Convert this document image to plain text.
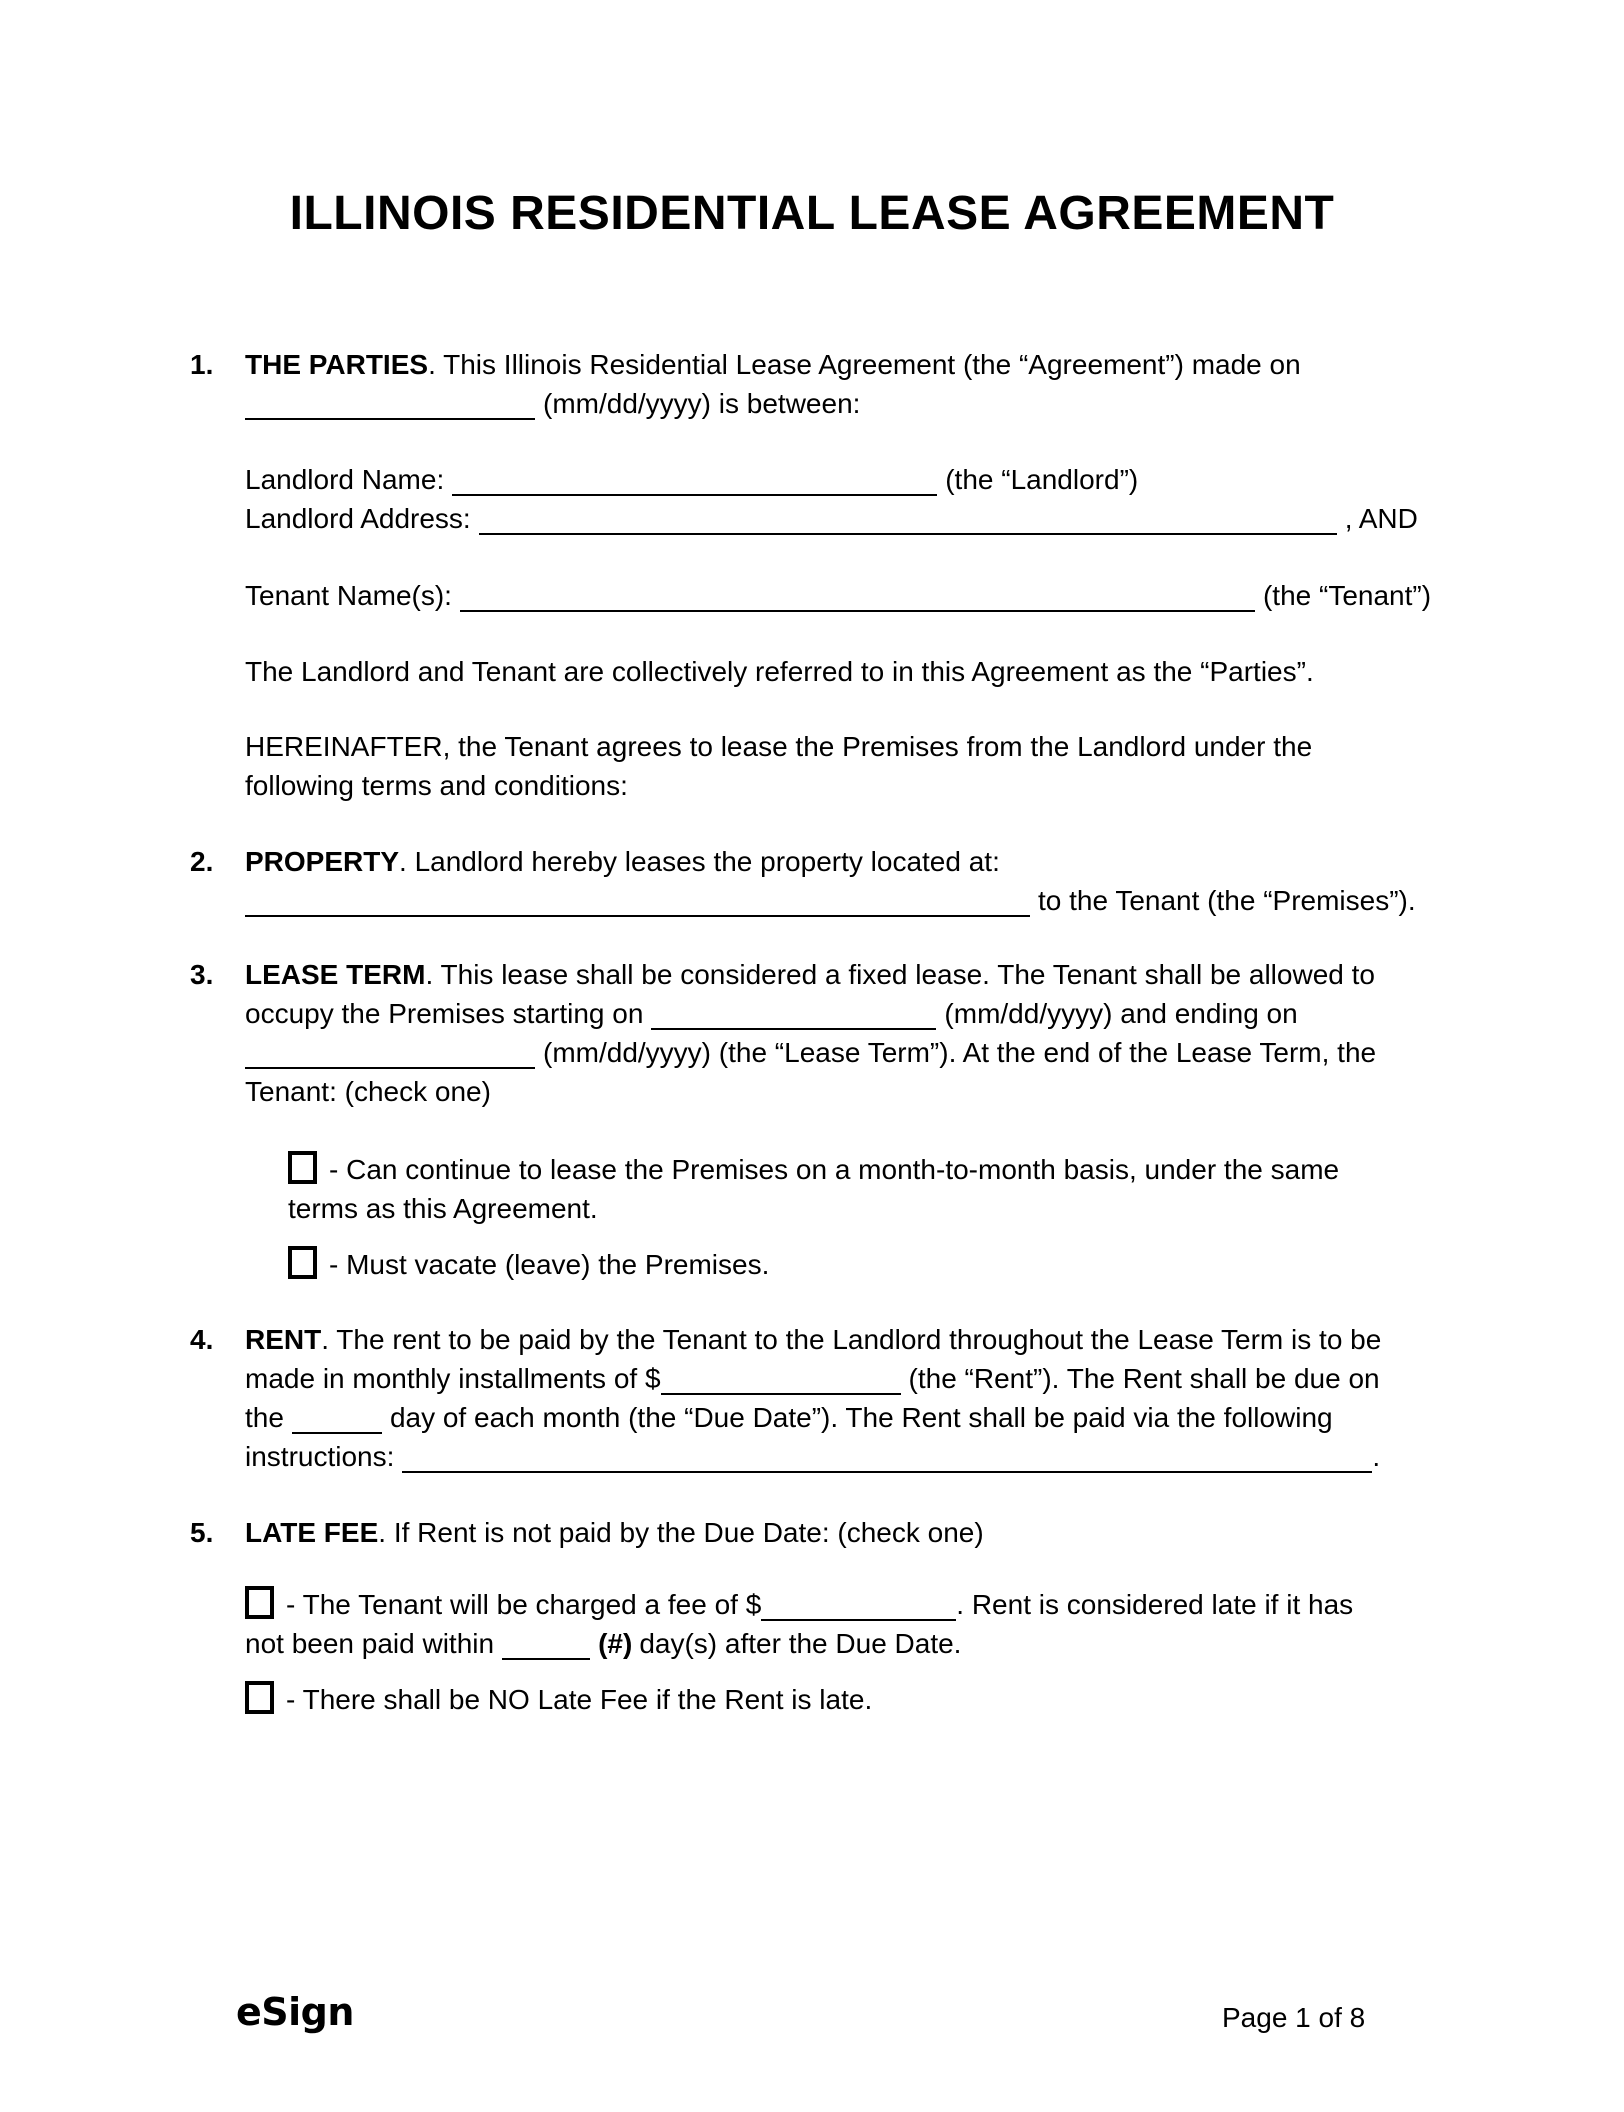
ILLINOIS RESIDENTIAL LEASE AGREEMENT
1. THE PARTIES. This Illinois Residential Lease Agreement (the “Agreement”) made on
(mm/dd/yyyy) is between:
Landlord Name:	(the “Landlord”)
Landlord Address:	, AND
Tenant Name(s):	(the “Tenant”)
The Landlord and Tenant are collectively referred to in this Agreement as the “Parties”.
HEREINAFTER, the Tenant agrees to lease the Premises from the Landlord under the
following terms and conditions:
2. PROPERTY. Landlord hereby leases the property located at:
to the Tenant (the “Premises”).
3. LEASE TERM. This lease shall be considered a fixed lease. The Tenant shall be allowed to
occupy the Premises starting on	(mm/dd/yyyy) and ending on
(mm/dd/yyyy) (the “Lease Term”). At the end of the Lease Term, the
Tenant: (check one)
- Can continue to lease the Premises on a month-to-month basis, under the same
terms as this Agreement.
- Must vacate (leave) the Premises.
4. RENT. The rent to be paid by the Tenant to the Landlord throughout the Lease Term is to be
made in monthly installments of $	(the “Rent”). The Rent shall be due on
the	day of each month (the “Due Date”). The Rent shall be paid via the following
instructions:	.
5. LATE FEE. If Rent is not paid by the Due Date: (check one)
- The Tenant will be charged a fee of $	. Rent is considered late if it has
not been paid within	(#) day(s) after the Due Date.
- There shall be NO Late Fee if the Rent is late.
eSign	Page 1 of 8
